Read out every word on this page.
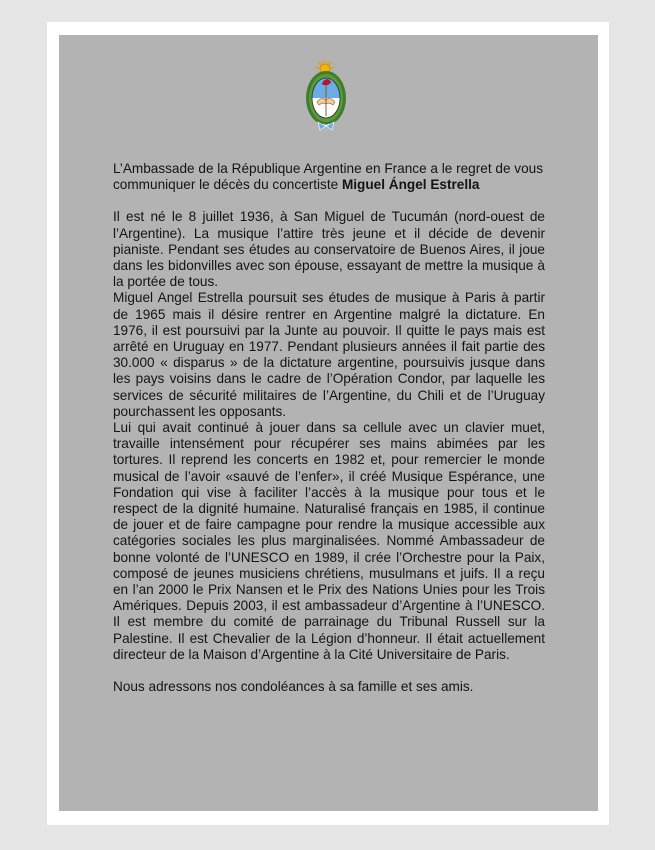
L’Ambassade de la République Argentine en France a le regret de vous communiquer le décès du concertiste Miguel Ángel Estrella

Il est né le 8 juillet 1936, à San Miguel de Tucumán (nord-ouest de l’Argentine). La musique l’attire très jeune et il décide de devenir pianiste. Pendant ses études au conservatoire de Buenos Aires, il joue dans les bidonvilles avec son épouse, essayant de mettre la musique à la portée de tous.

Miguel Angel Estrella poursuit ses études de musique à Paris à partir de 1965 mais il désire rentrer en Argentine malgré la dictature. En 1976, il est poursuivi par la Junte au pouvoir. Il quitte le pays mais est arrêté en Uruguay en 1977. Pendant plusieurs années il fait partie des 30.000 « disparus » de la dictature argentine, poursuivis jusque dans les pays voisins dans le cadre de l’Opération Condor, par laquelle les services de sécurité militaires de l’Argentine, du Chili et de l’Uruguay pourchassent les opposants.

Lui qui avait continué à jouer dans sa cellule avec un clavier muet, travaille intensément pour récupérer ses mains abimées par les tortures. Il reprend les concerts en 1982 et, pour remercier le monde musical de l’avoir «sauvé de l’enfer», il créé Musique Espérance, une Fondation qui vise à faciliter l’accès à la musique pour tous et le respect de la dignité humaine. Naturalisé français en 1985, il continue de jouer et de faire campagne pour rendre la musique accessible aux catégories sociales les plus marginalisées. Nommé Ambassadeur de bonne volonté de l’UNESCO en 1989, il crée l’Orchestre pour la Paix, composé de jeunes musiciens chrétiens, musulmans et juifs. Il a reçu en l’an 2000 le Prix Nansen et le Prix des Nations Unies pour les Trois Amériques. Depuis 2003, il est ambassadeur d’Argentine à l’UNESCO. Il est membre du comité de parrainage du Tribunal Russell sur la Palestine. Il est Chevalier de la Légion d’honneur. Il était actuellement directeur de la Maison d’Argentine à la Cité Universitaire de Paris.

Nous adressons nos condoléances à sa famille et ses amis.
